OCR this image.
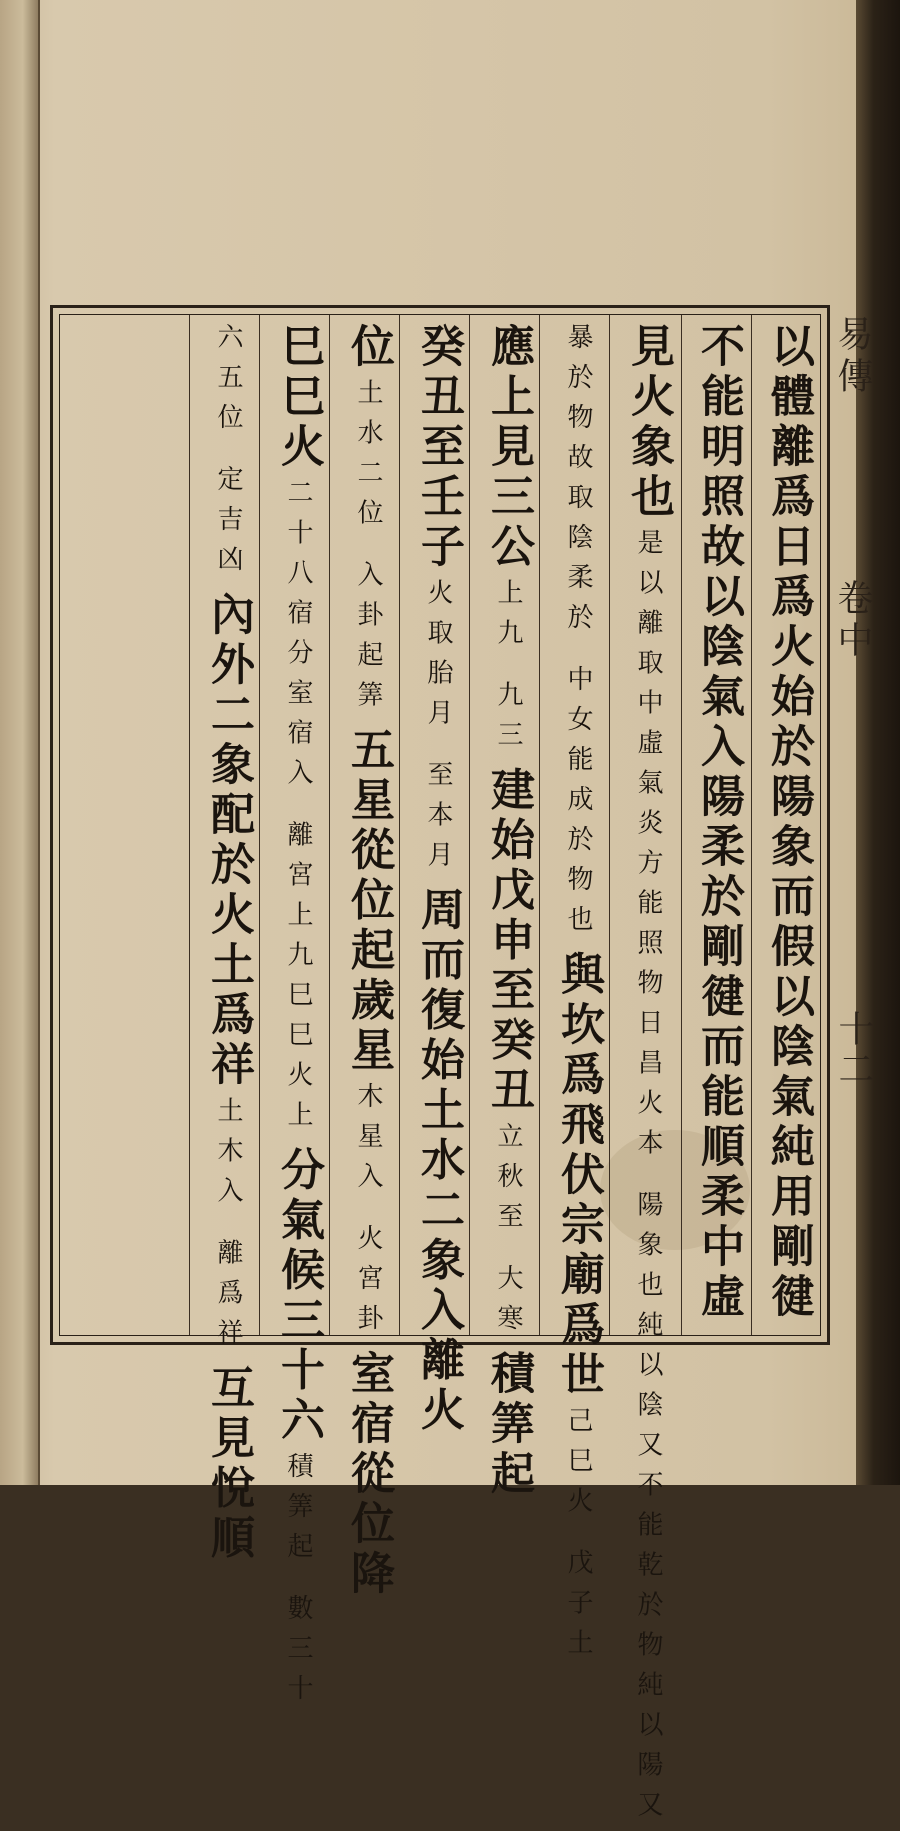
易傳卷中
十二
以體離爲日爲火始於陽象而假以陰氣純用剛徤
不能明照故以陰氣入陽柔於剛徤而能順柔中虛
見火象也 是以離取中虛氣炎方能照物日昌火本 陽象也純以陰又不能乾於物純以陽又
暴於物故取陰柔於 中女能成於物也 與坎爲飛伏宗廟爲世 己巳火 戊子土
應上見三公 上九 九三 建始戊申至癸丑 立秋至 大寒 積筭起
癸丑至壬子 火取胎月 至本月 周而復始土水二象入離火
位 土水二位 入卦起筭 五星從位起歲星 木星入 火宮卦 室宿從位降
巳巳火 二十八宿分室宿入 離宮上九巳巳火上 分氣候三十六 積筭起 數三十
六五位 定吉凶 內外二象配於火土爲祥 土木入 離爲祥 互見悅順
